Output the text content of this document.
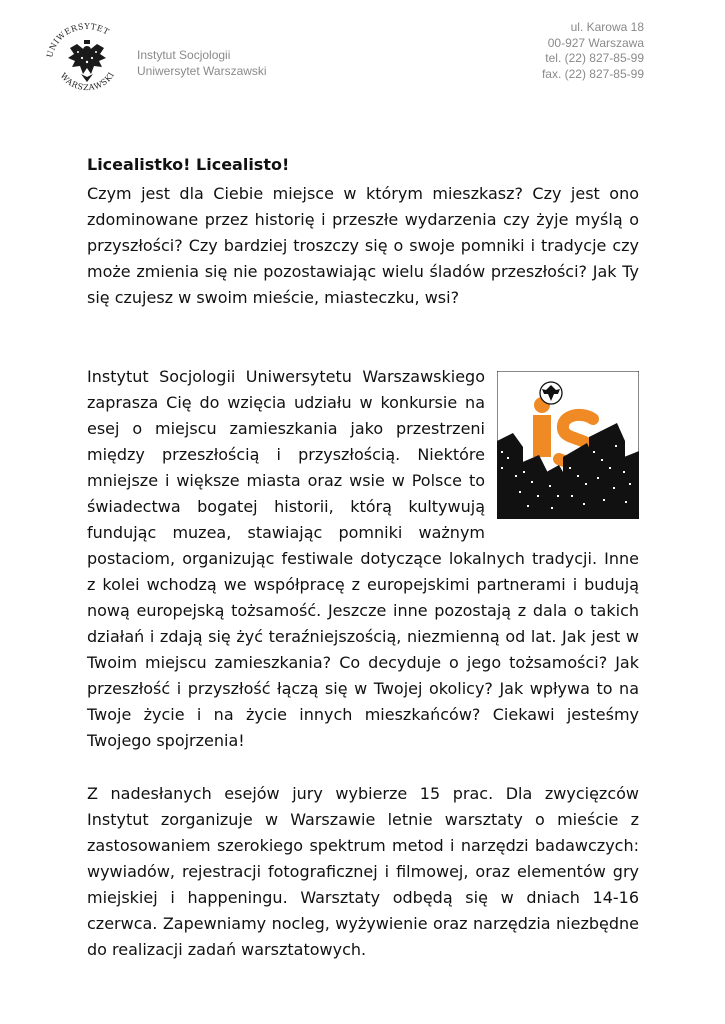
UNIWERSYTET
WARSZAWSKI
Instytut Socjologii
Uniwersytet Warszawski
ul. Karowa 18
00-927 Warszawa
tel. (22) 827-85-99
fax. (22) 827-85-99

Licealistko! Licealisto!

Czym jest dla Ciebie miejsce w którym mieszkasz? Czy jest ono zdominowane przez historię i przeszłe wydarzenia czy żyje myślą o przyszłości? Czy bardziej troszczy się o swoje pomniki i tradycje czy może zmienia się nie pozostawiając wielu śladów przeszłości? Jak Ty się czujesz w swoim mieście, miasteczku, wsi?

Instytut Socjologii Uniwersytetu Warszawskiego zaprasza Cię do wzięcia udziału w konkursie na esej o miejscu zamieszkania jako przestrzeni między przeszłością i przyszłością. Niektóre mniejsze i większe miasta oraz wsie w Polsce to świadectwa bogatej historii, którą kultywują fundując muzea, stawiając pomniki ważnym postaciom, organizując festiwale dotyczące lokalnych tradycji. Inne z kolei wchodzą we współpracę z europejskimi partnerami i budują nową europejską tożsamość. Jeszcze inne pozostają z dala o takich działań i zdają się żyć teraźniejszością, niezmienną od lat. Jak jest w Twoim miejscu zamieszkania? Co decyduje o jego tożsamości? Jak przeszłość i przyszłość łączą się w Twojej okolicy? Jak wpływa to na Twoje życie i na życie innych mieszkańców? Ciekawi jesteśmy Twojego spojrzenia!

Z nadesłanych esejów jury wybierze 15 prac. Dla zwycięzców Instytut zorganizuje w Warszawie letnie warsztaty o mieście z zastosowaniem szerokiego spektrum metod i narzędzi badawczych: wywiadów, rejestracji fotograficznej i filmowej, oraz elementów gry miejskiej i happeningu. Warsztaty odbędą się w dniach 14-16 czerwca. Zapewniamy nocleg, wyżywienie oraz narzędzia niezbędne do realizacji zadań warsztatowych.
